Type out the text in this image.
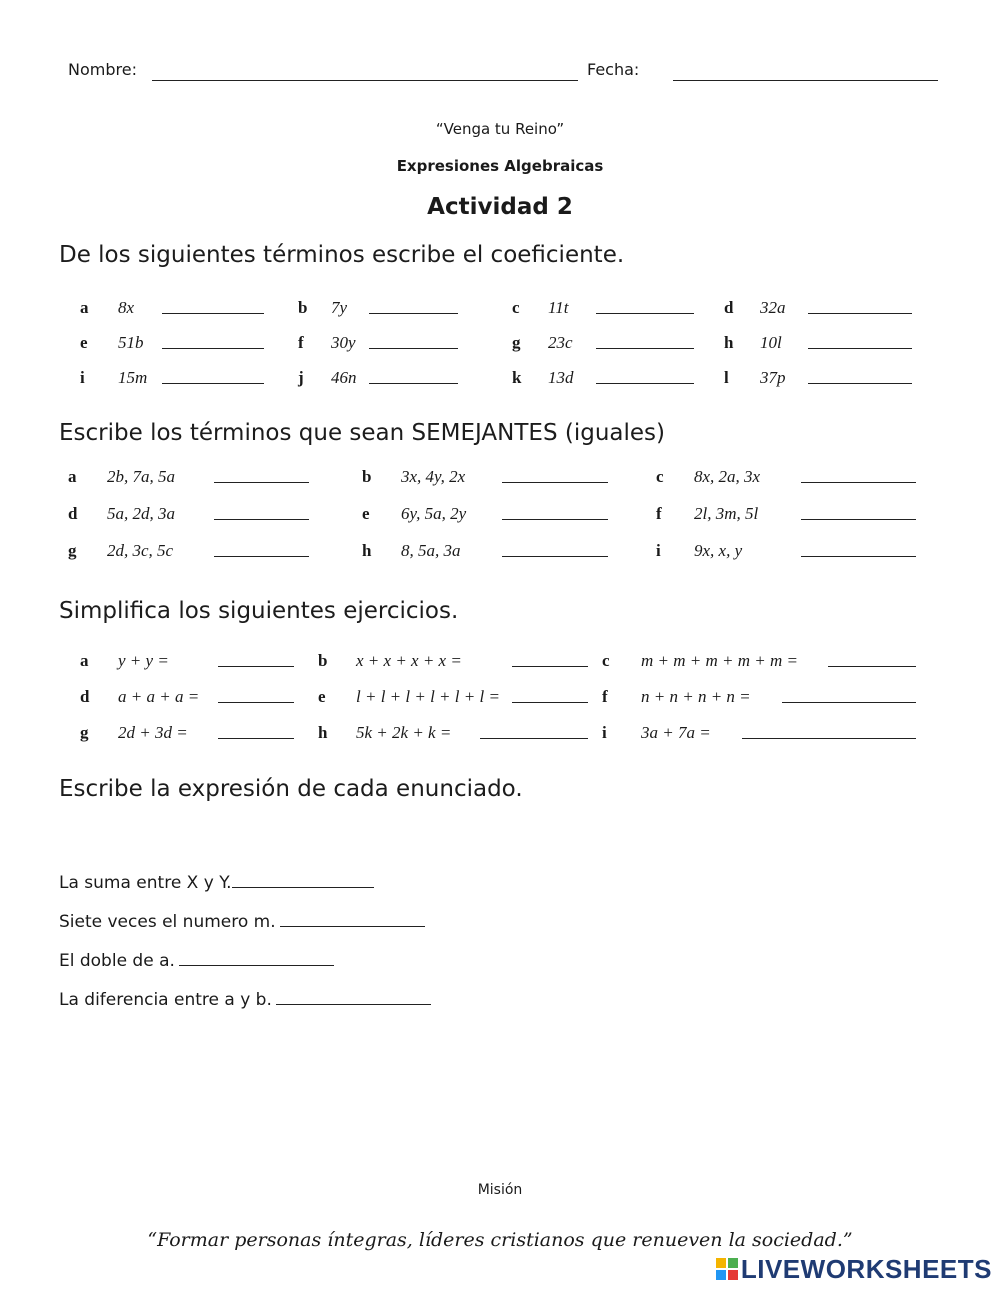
Nombre:	Fecha:
“Venga tu Reino”
Expresiones Algebraicas
Actividad 2
De los siguientes términos escribe el coeficiente.
a 8x	b 7y	c 11t	d 32a
e 51b	f 30y	g 23c	h 10l
i 15m	j 46n	k 13d	l 37p
Escribe los términos que sean SEMEJANTES (iguales)
a 2b, 7a, 5a	b 3x, 4y, 2x	c 8x, 2a, 3x
d 5a, 2d, 3a	e 6y, 5a, 2y	f 2l, 3m, 5l
g 2d, 3c, 5c	h 8, 5a, 3a	i 9x, x, y
Simplifica los siguientes ejercicios.
a y + y =	b x + x + x + x =	c m + m + m + m + m =
d a + a + a =	e l + l + l + l + l + l =	f n + n + n + n =
g 2d + 3d =	h 5k + 2k + k =	i 3a + 7a =
Escribe la expresión de cada enunciado.
La suma entre X y Y.
Siete veces el numero m.
El doble de a.
La diferencia entre a y b.
Misión
“Formar personas íntegras, líderes cristianos que renueven la sociedad.”
LIVEWORKSHEETS
